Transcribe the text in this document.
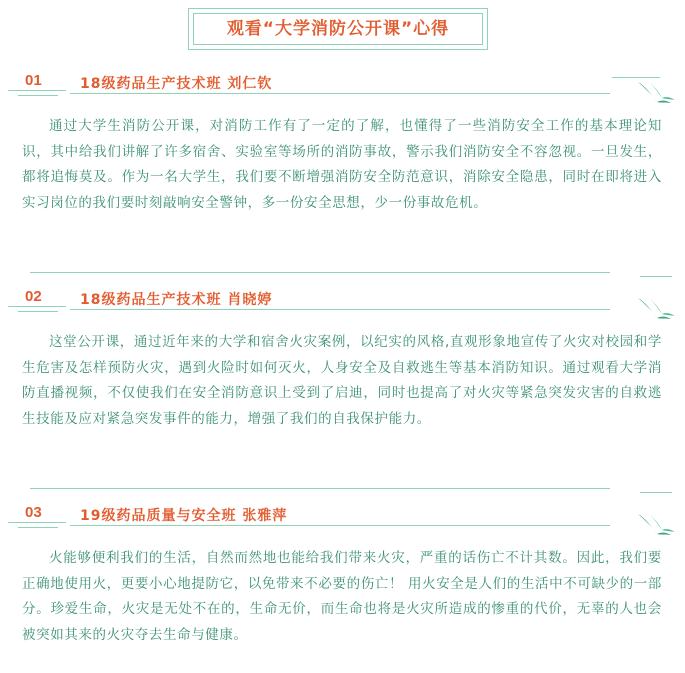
观看“大学消防公开课”心得
01	18级药品生产技术班 刘仁钦

通过大学生消防公开课，对消防工作有了一定的了解，也懂得了一些消防安全工作的基本理论知识，其中给我们讲解了许多宿舍、实验室等场所的消防事故，警示我们消防安全不容忽视。一旦发生，都将追悔莫及。作为一名大学生，我们要不断增强消防安全防范意识，消除安全隐患，同时在即将进入实习岗位的我们要时刻敲响安全警钟，多一份安全思想，少一份事故危机。

02	18级药品生产技术班 肖晓婷

这堂公开课，通过近年来的大学和宿舍火灾案例，以纪实的风格,直观形象地宣传了火灾对校园和学生危害及怎样预防火灾，遇到火险时如何灭火，人身安全及自救逃生等基本消防知识。通过观看大学消防直播视频，不仅使我们在安全消防意识上受到了启迪，同时也提高了对火灾等紧急突发灾害的自救逃生技能及应对紧急突发事件的能力，增强了我们的自我保护能力。

03	19级药品质量与安全班 张雅萍

火能够便利我们的生活，自然而然地也能给我们带来火灾，严重的话伤亡不计其数。因此，我们要正确地使用火，更要小心地提防它，以免带来不必要的伤亡！ 用火安全是人们的生活中不可缺少的一部分。珍爱生命，火灾是无处不在的，生命无价，而生命也将是火灾所造成的惨重的代价，无辜的人也会被突如其来的火灾夺去生命与健康。
